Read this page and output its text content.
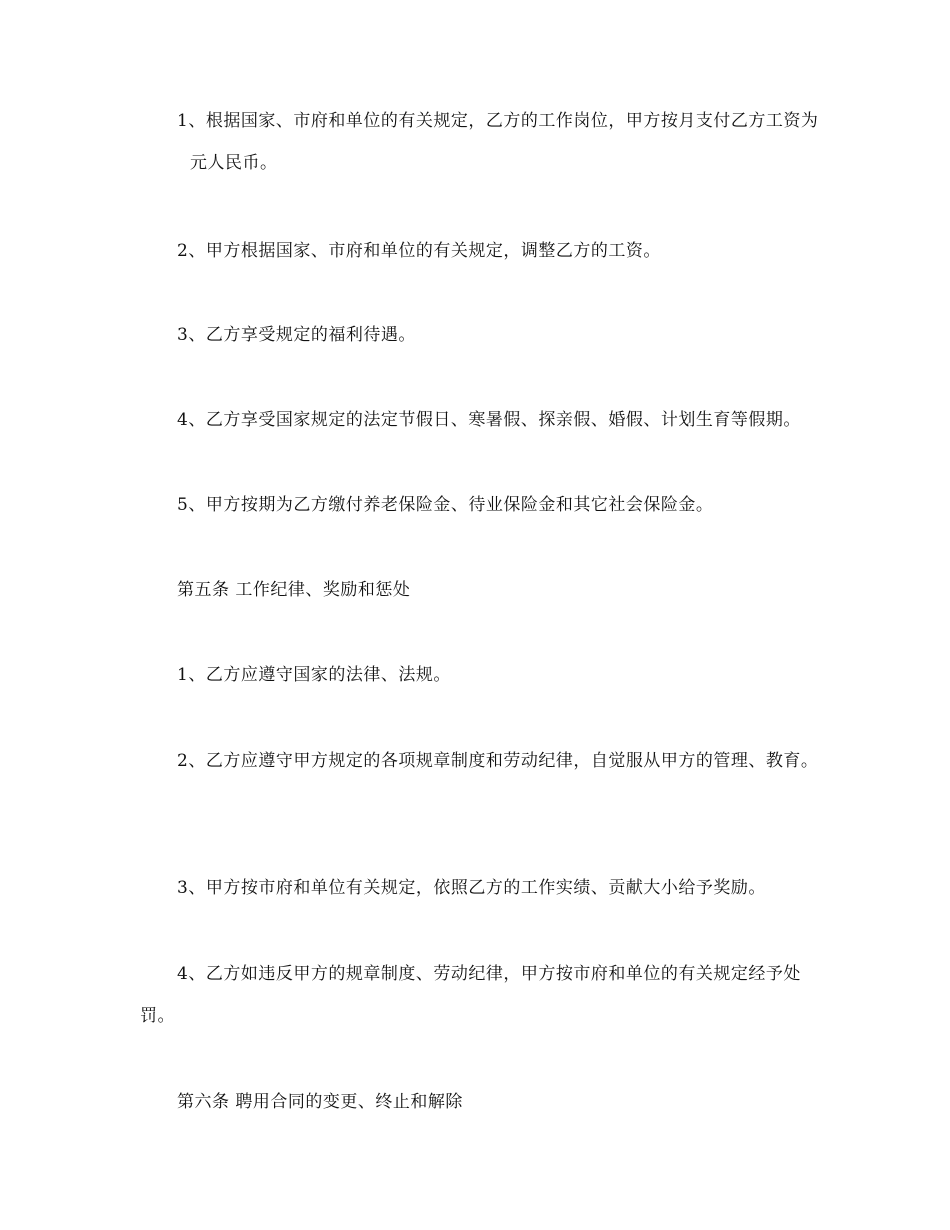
1、根据国家、市府和单位的有关规定，乙方的工作岗位，甲方按月支付乙方工资为元人民币。

2、甲方根据国家、市府和单位的有关规定，调整乙方的工资。

3、乙方享受规定的福利待遇。

4、乙方享受国家规定的法定节假日、寒暑假、探亲假、婚假、计划生育等假期。

5、甲方按期为乙方缴付养老保险金、待业保险金和其它社会保险金。

第五条 工作纪律、奖励和惩处

1、乙方应遵守国家的法律、法规。

2、乙方应遵守甲方规定的各项规章制度和劳动纪律，自觉服从甲方的管理、教育。

3、甲方按市府和单位有关规定，依照乙方的工作实绩、贡献大小给予奖励。

4、乙方如违反甲方的规章制度、劳动纪律，甲方按市府和单位的有关规定经予处罚。

第六条 聘用合同的变更、终止和解除
